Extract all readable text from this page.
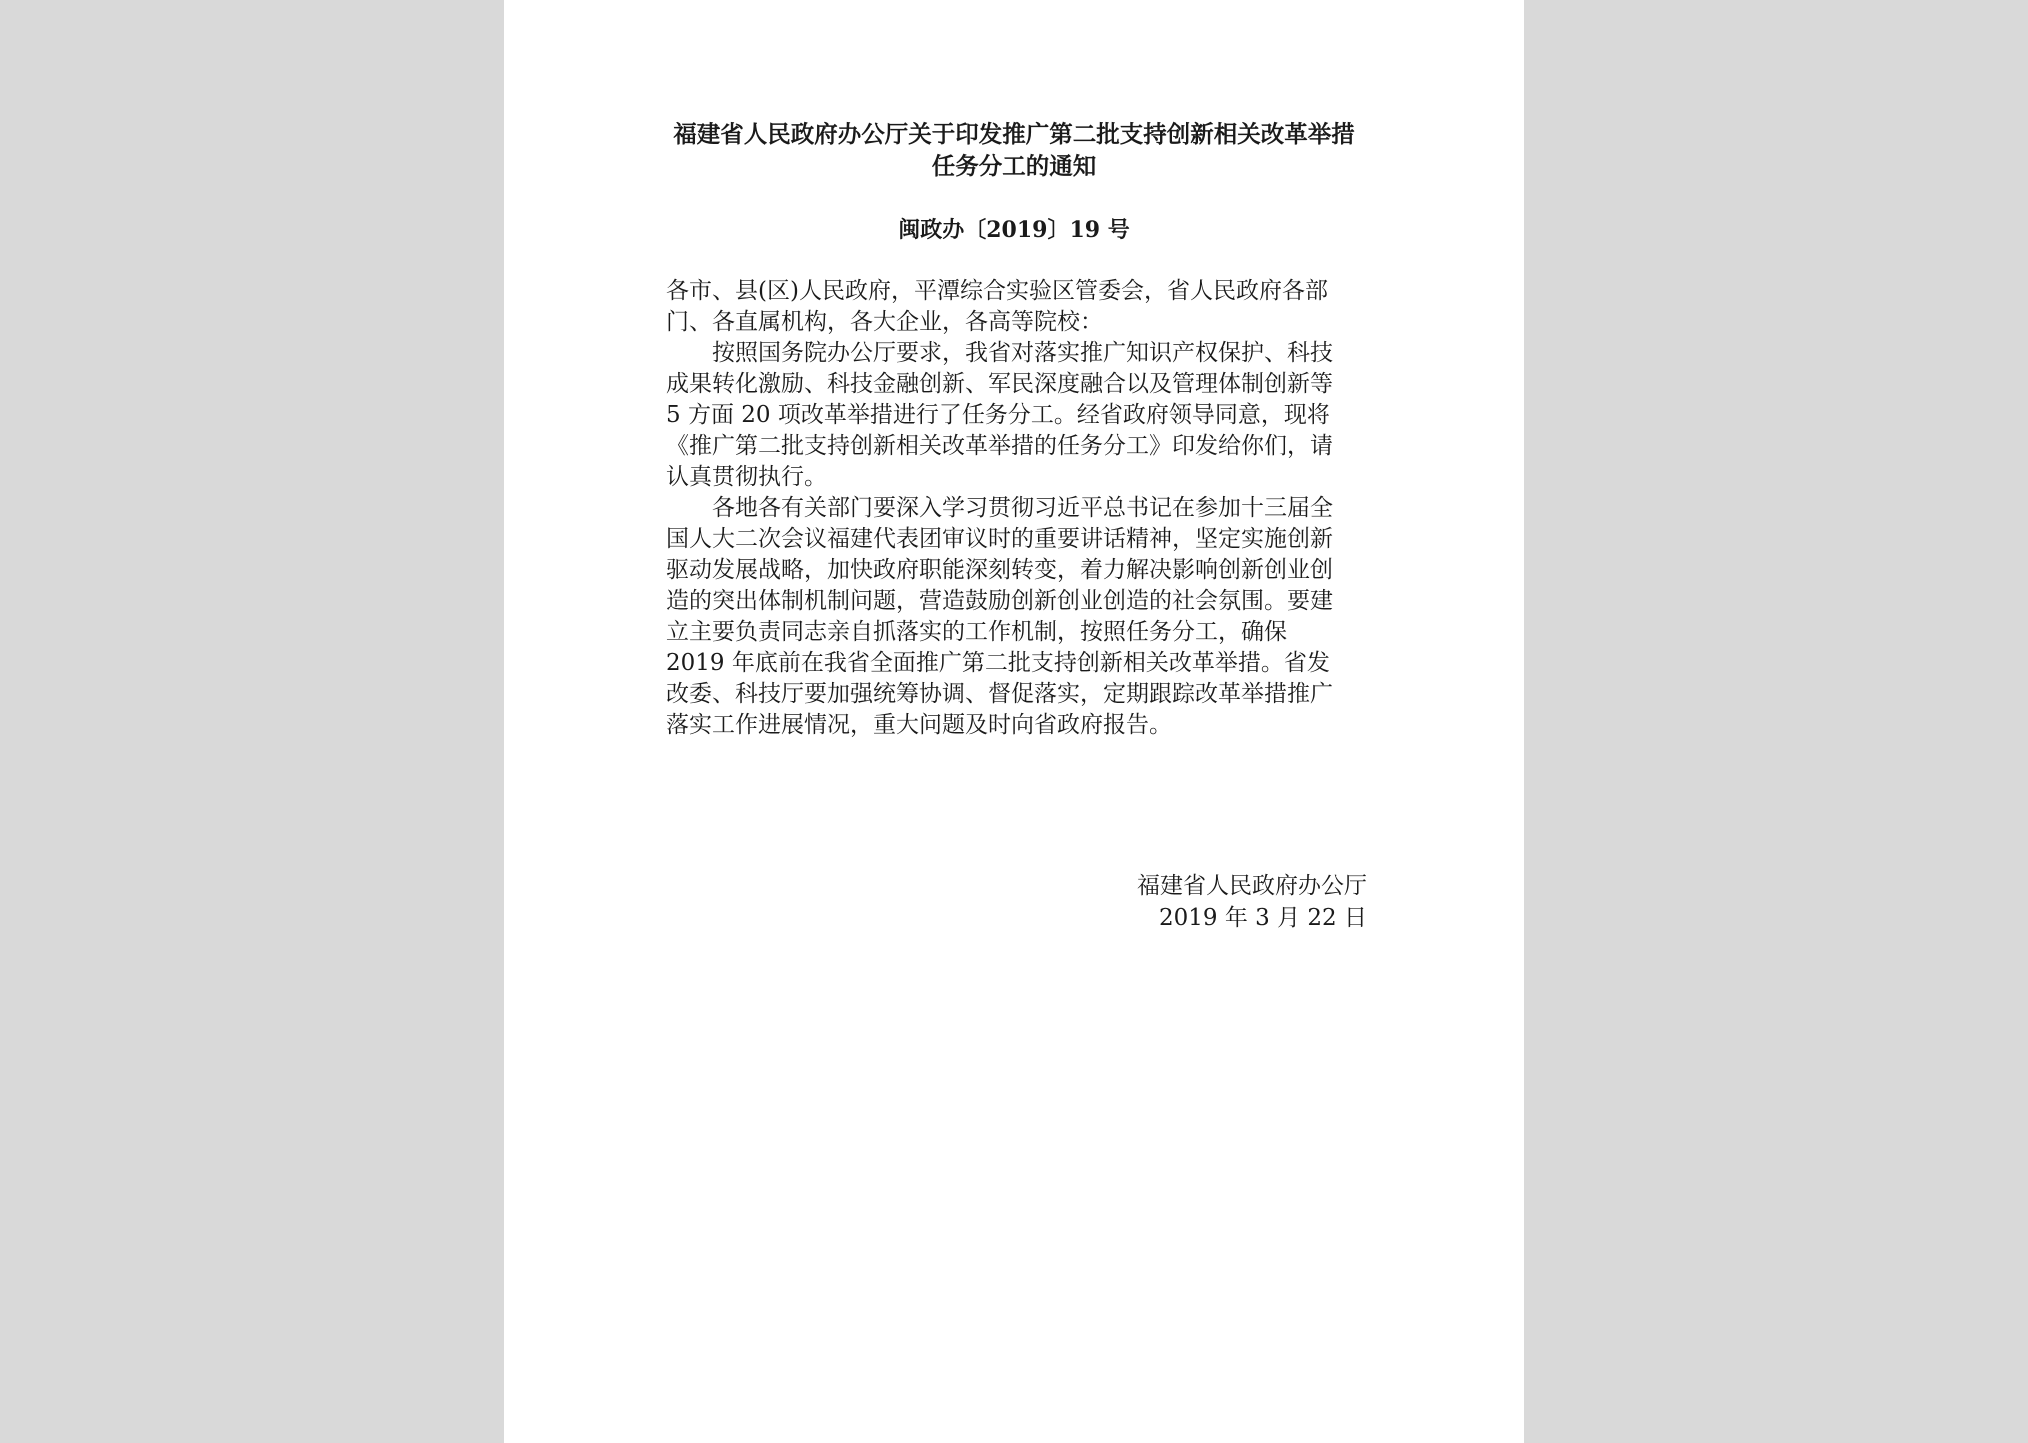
福建省人民政府办公厅关于印发推广第二批支持创新相关改革举措
任务分工的通知
闽政办〔2019〕19 号
各市、县(区)人民政府，平潭综合实验区管委会，省人民政府各部
门、各直属机构，各大企业，各高等院校：
按照国务院办公厅要求，我省对落实推广知识产权保护、科技
成果转化激励、科技金融创新、军民深度融合以及管理体制创新等
5 方面 20 项改革举措进行了任务分工。经省政府领导同意，现将
《推广第二批支持创新相关改革举措的任务分工》印发给你们，请
认真贯彻执行。
各地各有关部门要深入学习贯彻习近平总书记在参加十三届全
国人大二次会议福建代表团审议时的重要讲话精神，坚定实施创新
驱动发展战略，加快政府职能深刻转变，着力解决影响创新创业创
造的突出体制机制问题，营造鼓励创新创业创造的社会氛围。要建
立主要负责同志亲自抓落实的工作机制，按照任务分工，确保
2019 年底前在我省全面推广第二批支持创新相关改革举措。省发
改委、科技厅要加强统筹协调、督促落实，定期跟踪改革举措推广
落实工作进展情况，重大问题及时向省政府报告。
福建省人民政府办公厅
2019 年 3 月 22 日
